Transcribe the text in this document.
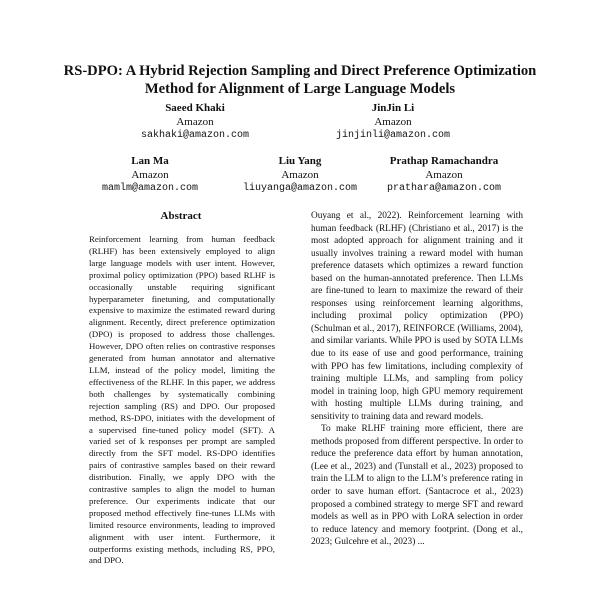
RS-DPO: A Hybrid Rejection Sampling and Direct Preference Optimization Method for Alignment of Large Language Models
Saeed Khaki
Amazon
sakhaki@amazon.com
JinJin Li
Amazon
jinjinli@amazon.com
Lan Ma
Amazon
mamlm@amazon.com
Liu Yang
Amazon
liuyanga@amazon.com
Prathap Ramachandra
Amazon
prathara@amazon.com
Abstract

Reinforcement learning from human feedback (RLHF) has been extensively employed to align large language models with user intent. However, proximal policy optimization (PPO) based RLHF is occasionally unstable requiring significant hyperparameter finetuning, and computationally expensive to maximize the estimated reward during alignment. Recently, direct preference optimization (DPO) is proposed to address those challenges. However, DPO often relies on contrastive responses generated from human annotator and alternative LLM, instead of the policy model, limiting the effectiveness of the RLHF. In this paper, we address both challenges by systematically combining rejection sampling (RS) and DPO. Our proposed method, RS-DPO, initiates with the development of a supervised fine-tuned policy model (SFT). A varied set of k responses per prompt are sampled directly from the SFT model. RS-DPO identifies pairs of contrastive samples based on their reward distribution. Finally, we apply DPO with the contrastive samples to align the model to human preference. Our experiments indicate that our proposed method effectively fine-tunes LLMs with limited resource environments, leading to improved alignment with user intent. Furthermore, it outperforms existing methods, including RS, PPO, and DPO.

Ouyang et al., 2022). Reinforcement learning with human feedback (RLHF) (Christiano et al., 2017) is the most adopted approach for alignment training and it usually involves training a reward model with human preference datasets which optimizes a reward function based on the human-annotated preference. Then LLMs are fine-tuned to learn to maximize the reward of their responses using reinforcement learning algorithms, including proximal policy optimization (PPO) (Schulman et al., 2017), REINFORCE (Williams, 2004), and similar variants. While PPO is used by SOTA LLMs due to its ease of use and good performance, training with PPO has few limitations, including complexity of training multiple LLMs, and sampling from policy model in training loop, high GPU memory requirement with hosting multiple LLMs during training, and sensitivity to training data and reward models.

To make RLHF training more efficient, there are methods proposed from different perspective. In order to reduce the preference data effort by human annotation, (Lee et al., 2023) and (Tunstall et al., 2023) proposed to train the LLM to align to the LLM’s preference rating in order to save human effort. (Santacroce et al., 2023) proposed a combined strategy to merge SFT and reward models as well as in PPO with LoRA selection in order to reduce latency and memory footprint. (Dong et al., 2023; Gulcehre et al., 2023) ...
